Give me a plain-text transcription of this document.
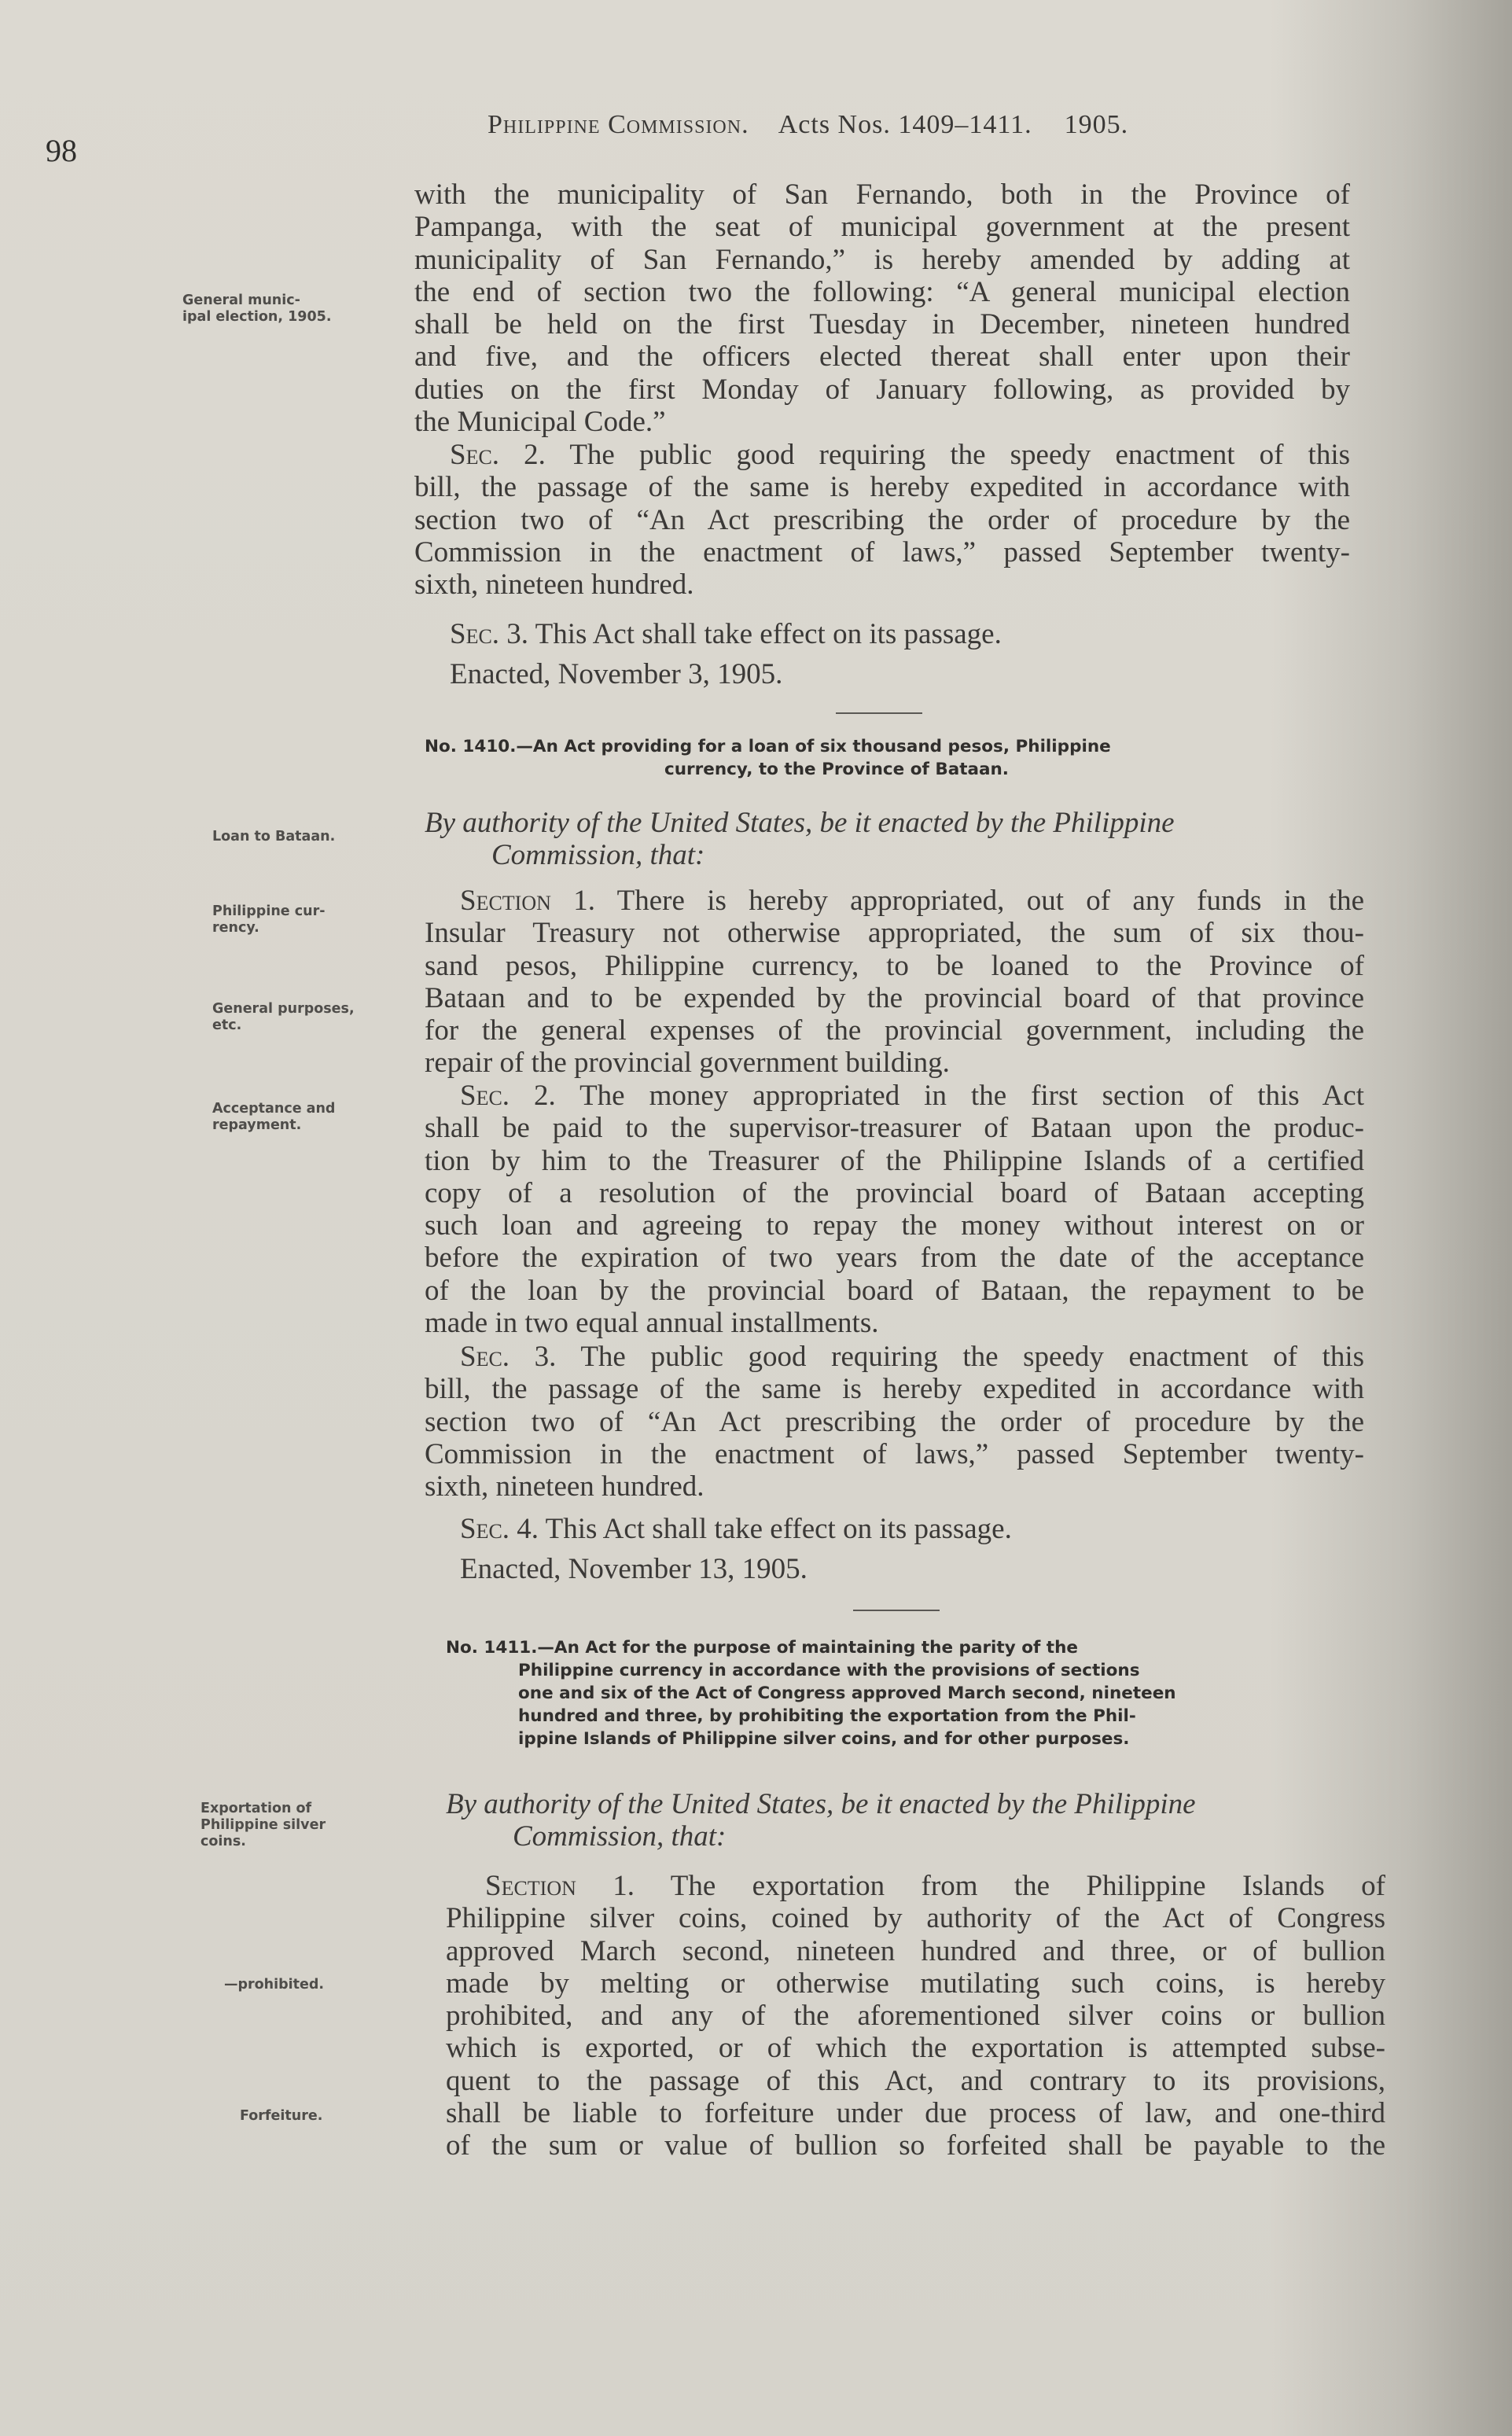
98
Philippine Commission. Acts Nos. 1409–1411. 1905.
with the municipality of San Fernando, both in the Province of
Pampanga, with the seat of municipal government at the present
municipality of San Fernando,” is hereby amended by adding at
the end of section two the following: “A general municipal election
shall be held on the first Tuesday in December, nineteen hundred
and five, and the officers elected thereat shall enter upon their
duties on the first Monday of January following, as provided by
the Municipal Code.”
Sec. 2. The public good requiring the speedy enactment of this
bill, the passage of the same is hereby expedited in accordance with
section two of “An Act prescribing the order of procedure by the
Commission in the enactment of laws,” passed September twenty-
sixth, nineteen hundred.
Sec. 3. This Act shall take effect on its passage.
Enacted, November 3, 1905.
No. 1410.—An Act providing for a loan of six thousand pesos, Philippine
currency, to the Province of Bataan.
By authority of the United States, be it enacted by the Philippine
Commission, that:
Section 1. There is hereby appropriated, out of any funds in the
Insular Treasury not otherwise appropriated, the sum of six thou-
sand pesos, Philippine currency, to be loaned to the Province of
Bataan and to be expended by the provincial board of that province
for the general expenses of the provincial government, including the
repair of the provincial government building.
Sec. 2. The money appropriated in the first section of this Act
shall be paid to the supervisor-treasurer of Bataan upon the produc-
tion by him to the Treasurer of the Philippine Islands of a certified
copy of a resolution of the provincial board of Bataan accepting
such loan and agreeing to repay the money without interest on or
before the expiration of two years from the date of the acceptance
of the loan by the provincial board of Bataan, the repayment to be
made in two equal annual installments.
Sec. 3. The public good requiring the speedy enactment of this
bill, the passage of the same is hereby expedited in accordance with
section two of “An Act prescribing the order of procedure by the
Commission in the enactment of laws,” passed September twenty-
sixth, nineteen hundred.
Sec. 4. This Act shall take effect on its passage.
Enacted, November 13, 1905.
No. 1411.—An Act for the purpose of maintaining the parity of the
Philippine currency in accordance with the provisions of sections
one and six of the Act of Congress approved March second, nineteen
hundred and three, by prohibiting the exportation from the Phil-
ippine Islands of Philippine silver coins, and for other purposes.
By authority of the United States, be it enacted by the Philippine
Commission, that:
Section 1. The exportation from the Philippine Islands of
Philippine silver coins, coined by authority of the Act of Congress
approved March second, nineteen hundred and three, or of bullion
made by melting or otherwise mutilating such coins, is hereby
prohibited, and any of the aforementioned silver coins or bullion
which is exported, or of which the exportation is attempted subse-
quent to the passage of this Act, and contrary to its provisions,
shall be liable to forfeiture under due process of law, and one-third
of the sum or value of bullion so forfeited shall be payable to the
General munic-
ipal election, 1905.
Loan to Bataan.
Philippine cur-
rency.
General purposes,
etc.
Acceptance and
repayment.
Exportation of
Philippine silver
coins.
—prohibited.
Forfeiture.
